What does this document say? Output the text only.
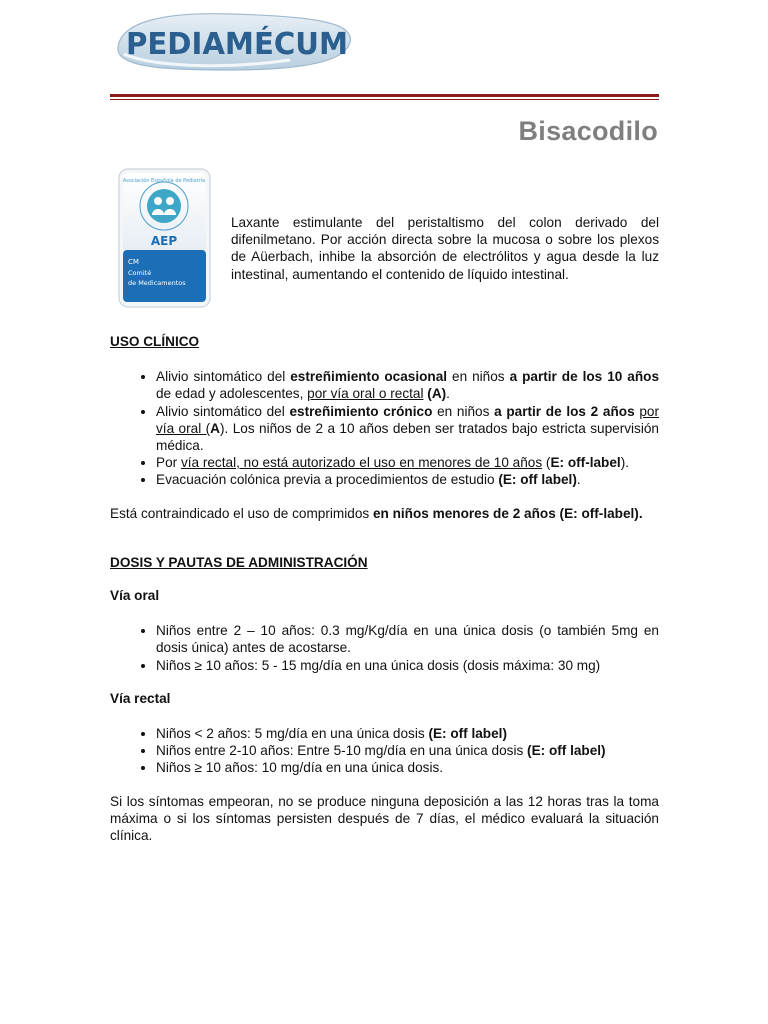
PEDIAMÉCUM
Bisacodilo
Asociación Española de Pediatría
AEP
CM
Comité
de Medicamentos

Laxante estimulante del peristaltismo del colon derivado del difenilmetano. Por acción directa sobre la mucosa o sobre los plexos de Aüerbach, inhibe la absorción de electrólitos y agua desde la luz intestinal, aumentando el contenido de líquido intestinal.

USO CLÍNICO
• Alivio sintomático del estreñimiento ocasional en niños a partir de los 10 años de edad y adolescentes, por vía oral o rectal (A).
• Alivio sintomático del estreñimiento crónico en niños a partir de los 2 años por vía oral (A). Los niños de 2 a 10 años deben ser tratados bajo estricta supervisión médica.
• Por vía rectal, no está autorizado el uso en menores de 10 años (E: off-label).
• Evacuación colónica previa a procedimientos de estudio (E: off label).

Está contraindicado el uso de comprimidos en niños menores de 2 años (E: off-label).

DOSIS Y PAUTAS DE ADMINISTRACIÓN
Vía oral
• Niños entre 2 – 10 años: 0.3 mg/Kg/día en una única dosis (o también 5mg en dosis única) antes de acostarse.
• Niños ≥ 10 años: 5 - 15 mg/día en una única dosis (dosis máxima: 30 mg)
Vía rectal
• Niños < 2 años: 5 mg/día en una única dosis (E: off label)
• Niños entre 2-10 años: Entre 5-10 mg/día en una única dosis (E: off label)
• Niños ≥ 10 años: 10 mg/día en una única dosis.

Si los síntomas empeoran, no se produce ninguna deposición a las 12 horas tras la toma máxima o si los síntomas persisten después de 7 días, el médico evaluará la situación clínica.
